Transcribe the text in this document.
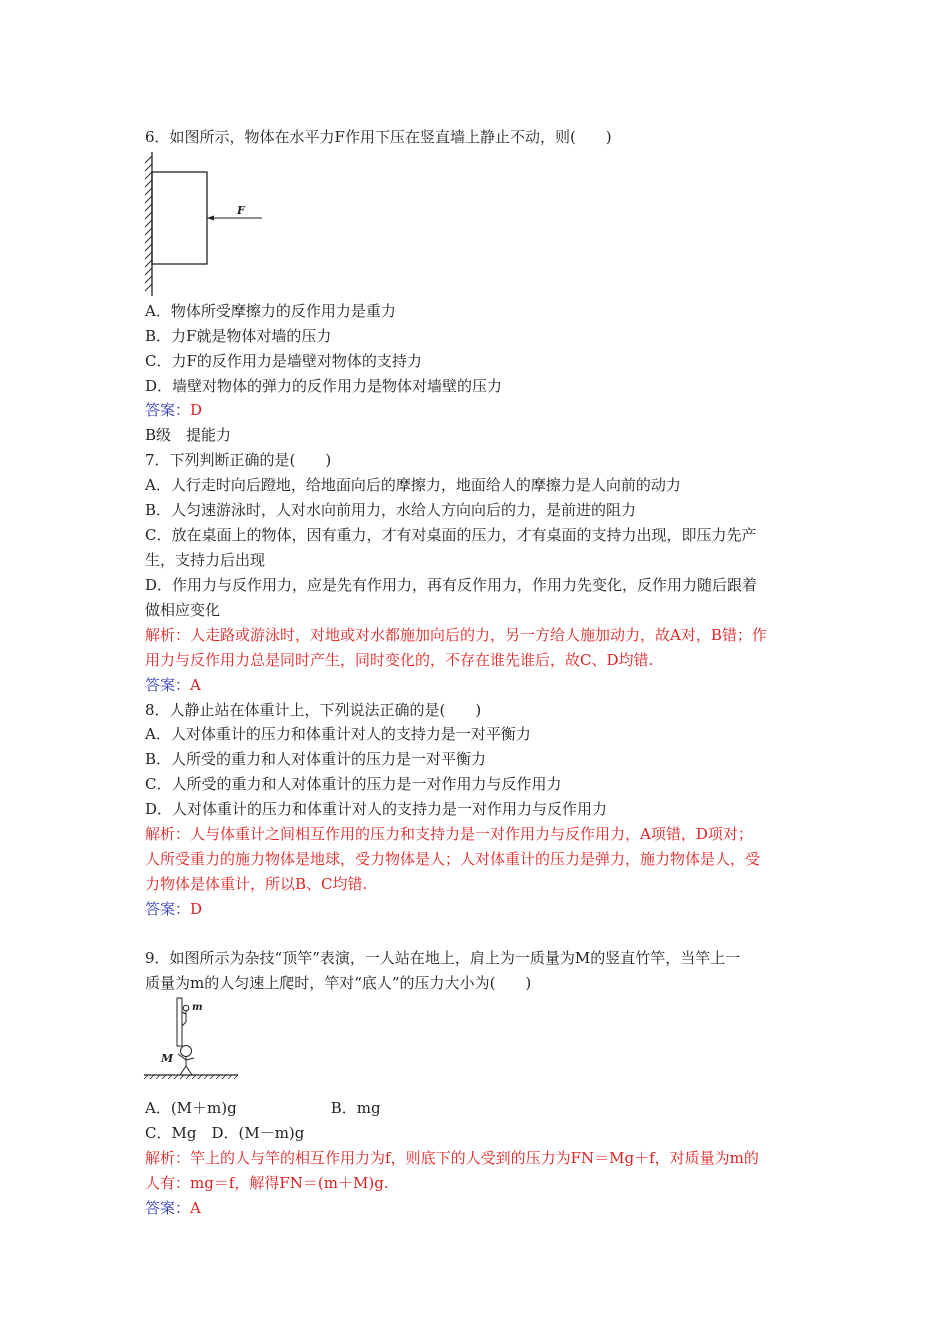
6．如图所示，物体在水平力F作用下压在竖直墙上静止不动，则(　　)
F
A．物体所受摩擦力的反作用力是重力
B．力F就是物体对墙的压力
C．力F的反作用力是墙壁对物体的支持力
D．墙壁对物体的弹力的反作用力是物体对墙壁的压力
答案：D
B级　提能力
7．下列判断正确的是(　　)
A．人行走时向后蹬地，给地面向后的摩擦力，地面给人的摩擦力是人向前的动力
B．人匀速游泳时，人对水向前用力，水给人方向向后的力，是前进的阻力
C．放在桌面上的物体，因有重力，才有对桌面的压力，才有桌面的支持力出现，即压力先产
生，支持力后出现
D．作用力与反作用力，应是先有作用力，再有反作用力，作用力先变化，反作用力随后跟着
做相应变化
解析：人走路或游泳时，对地或对水都施加向后的力，另一方给人施加动力，故A对，B错；作
用力与反作用力总是同时产生，同时变化的，不存在谁先谁后，故C、D均错.
答案：A
8．人静止站在体重计上，下列说法正确的是(　　)
A．人对体重计的压力和体重计对人的支持力是一对平衡力
B．人所受的重力和人对体重计的压力是一对平衡力
C．人所受的重力和人对体重计的压力是一对作用力与反作用力
D．人对体重计的压力和体重计对人的支持力是一对作用力与反作用力
解析：人与体重计之间相互作用的压力和支持力是一对作用力与反作用力，A项错，D项对；
人所受重力的施力物体是地球，受力物体是人；人对体重计的压力是弹力，施力物体是人，受
力物体是体重计，所以B、C均错.
答案：D
9．如图所示为杂技“顶竿”表演，一人站在地上，肩上为一质量为M的竖直竹竿，当竿上一
质量为m的人匀速上爬时，竿对“底人”的压力大小为(　　)
m
M
A．(M＋m)g	B．mg
C．Mg　 D．(M－m)g
解析：竿上的人与竿的相互作用力为f，则底下的人受到的压力为FN＝Mg＋f，对质量为m的
人有：mg＝f，解得FN＝(m＋M)g.
答案：A
